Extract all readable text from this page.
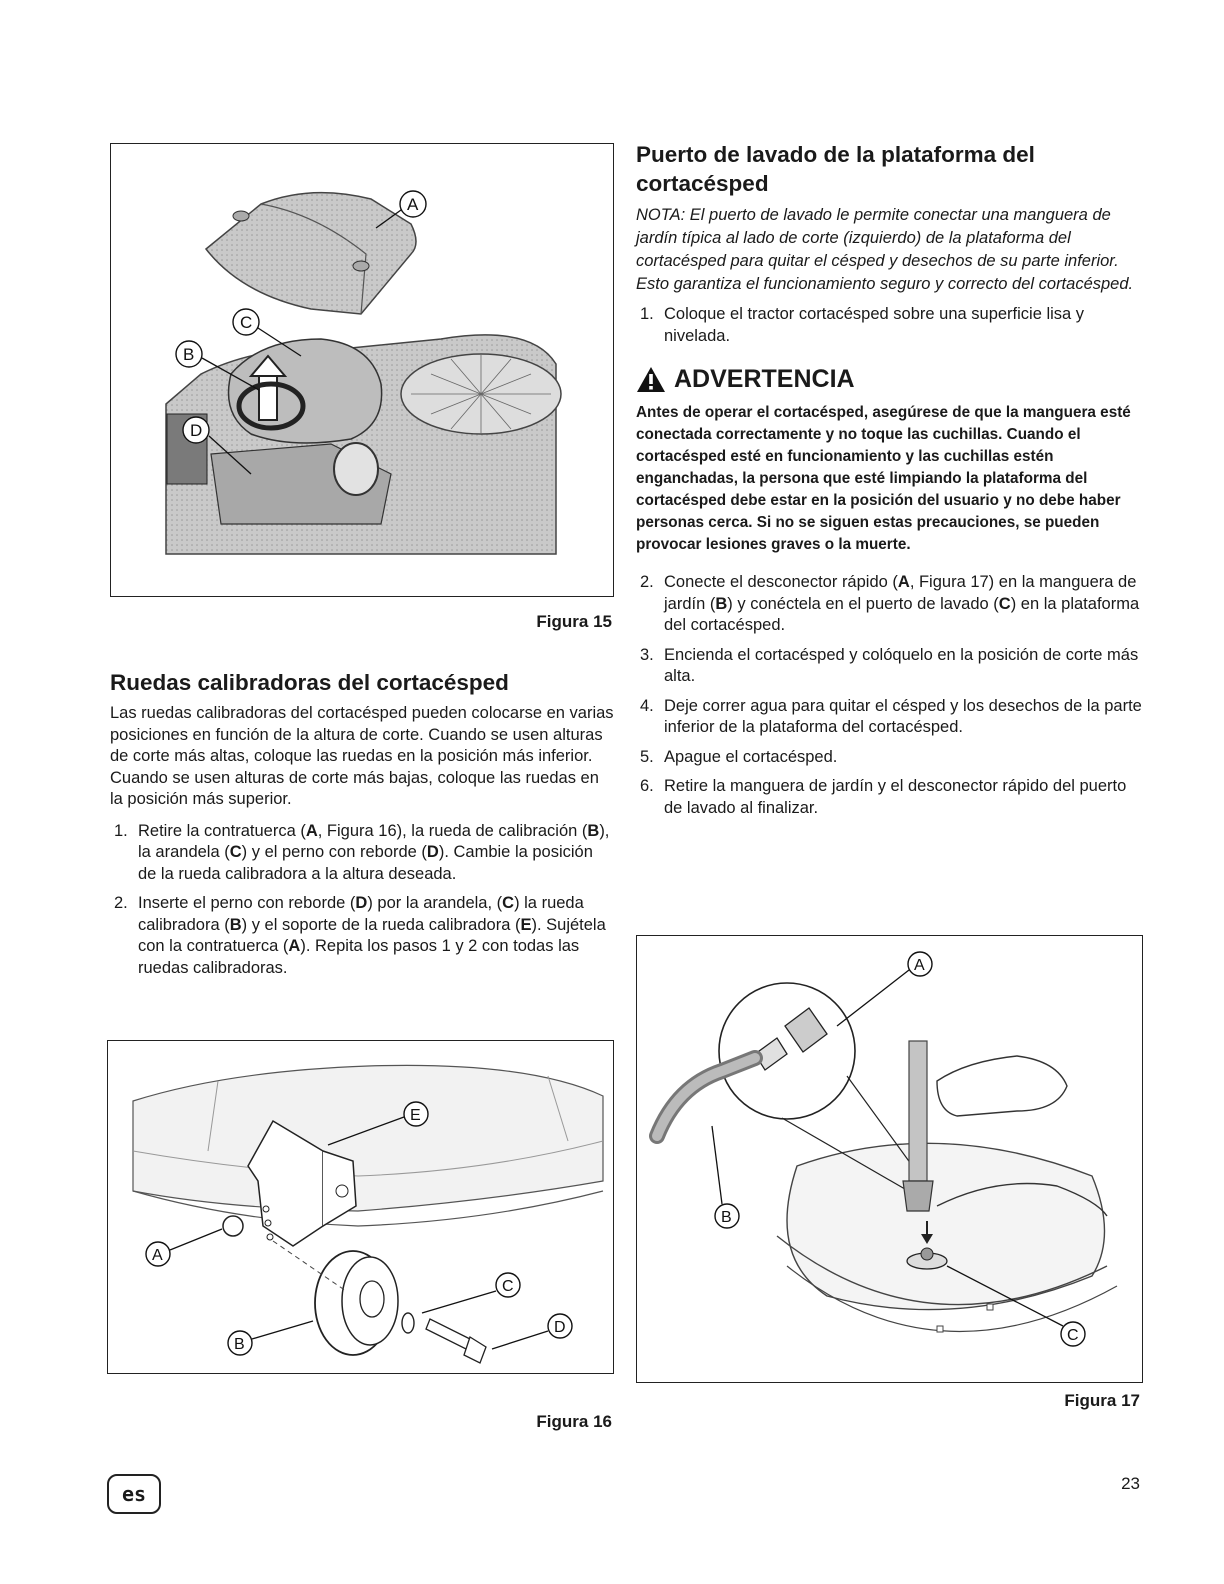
A
B
C
D
Figura 15
Ruedas calibradoras del cortacésped

Las ruedas calibradoras del cortacésped pueden colocarse en varias posiciones en función de la altura de corte. Cuando se usen alturas de corte más altas, coloque las ruedas en la posición más inferior. Cuando se usen alturas de corte más bajas, coloque las ruedas en la posición más superior.

1. Retire la contratuerca (A, Figura 16), la rueda de calibración (B), la arandela (C) y el perno con reborde (D). Cambie la posición de la rueda calibradora a la altura deseada.
2. Inserte el perno con reborde (D) por la arandela, (C) la rueda calibradora (B) y el soporte de la rueda calibradora (E). Sujétela con la contratuerca (A). Repita los pasos 1 y 2 con todas las ruedas calibradoras.
E
A
B
C
D
Figura 16
Puerto de lavado de la plataforma del cortacésped

NOTA: El puerto de lavado le permite conectar una manguera de jardín típica al lado de corte (izquierdo) de la plataforma del cortacésped para quitar el césped y desechos de su parte inferior. Esto garantiza el funcionamiento seguro y correcto del cortacésped.

1. Coloque el tractor cortacésped sobre una superficie lisa y nivelada.
ADVERTENCIA

Antes de operar el cortacésped, asegúrese de que la manguera esté conectada correctamente y no toque las cuchillas. Cuando el cortacésped esté en funcionamiento y las cuchillas estén enganchadas, la persona que esté limpiando la plataforma del cortacésped debe estar en la posición del usuario y no debe haber personas cerca. Si no se siguen estas precauciones, se pueden provocar lesiones graves o la muerte.

2. Conecte el desconector rápido (A, Figura 17) en la manguera de jardín (B) y conéctela en el puerto de lavado (C) en la plataforma del cortacésped.
3. Encienda el cortacésped y colóquelo en la posición de corte más alta.
4. Deje correr agua para quitar el césped y los desechos de la parte inferior de la plataforma del cortacésped.
5. Apague el cortacésped.
6. Retire la manguera de jardín y el desconector rápido del puerto de lavado al finalizar.
A
B
C
Figura 17
es	23
